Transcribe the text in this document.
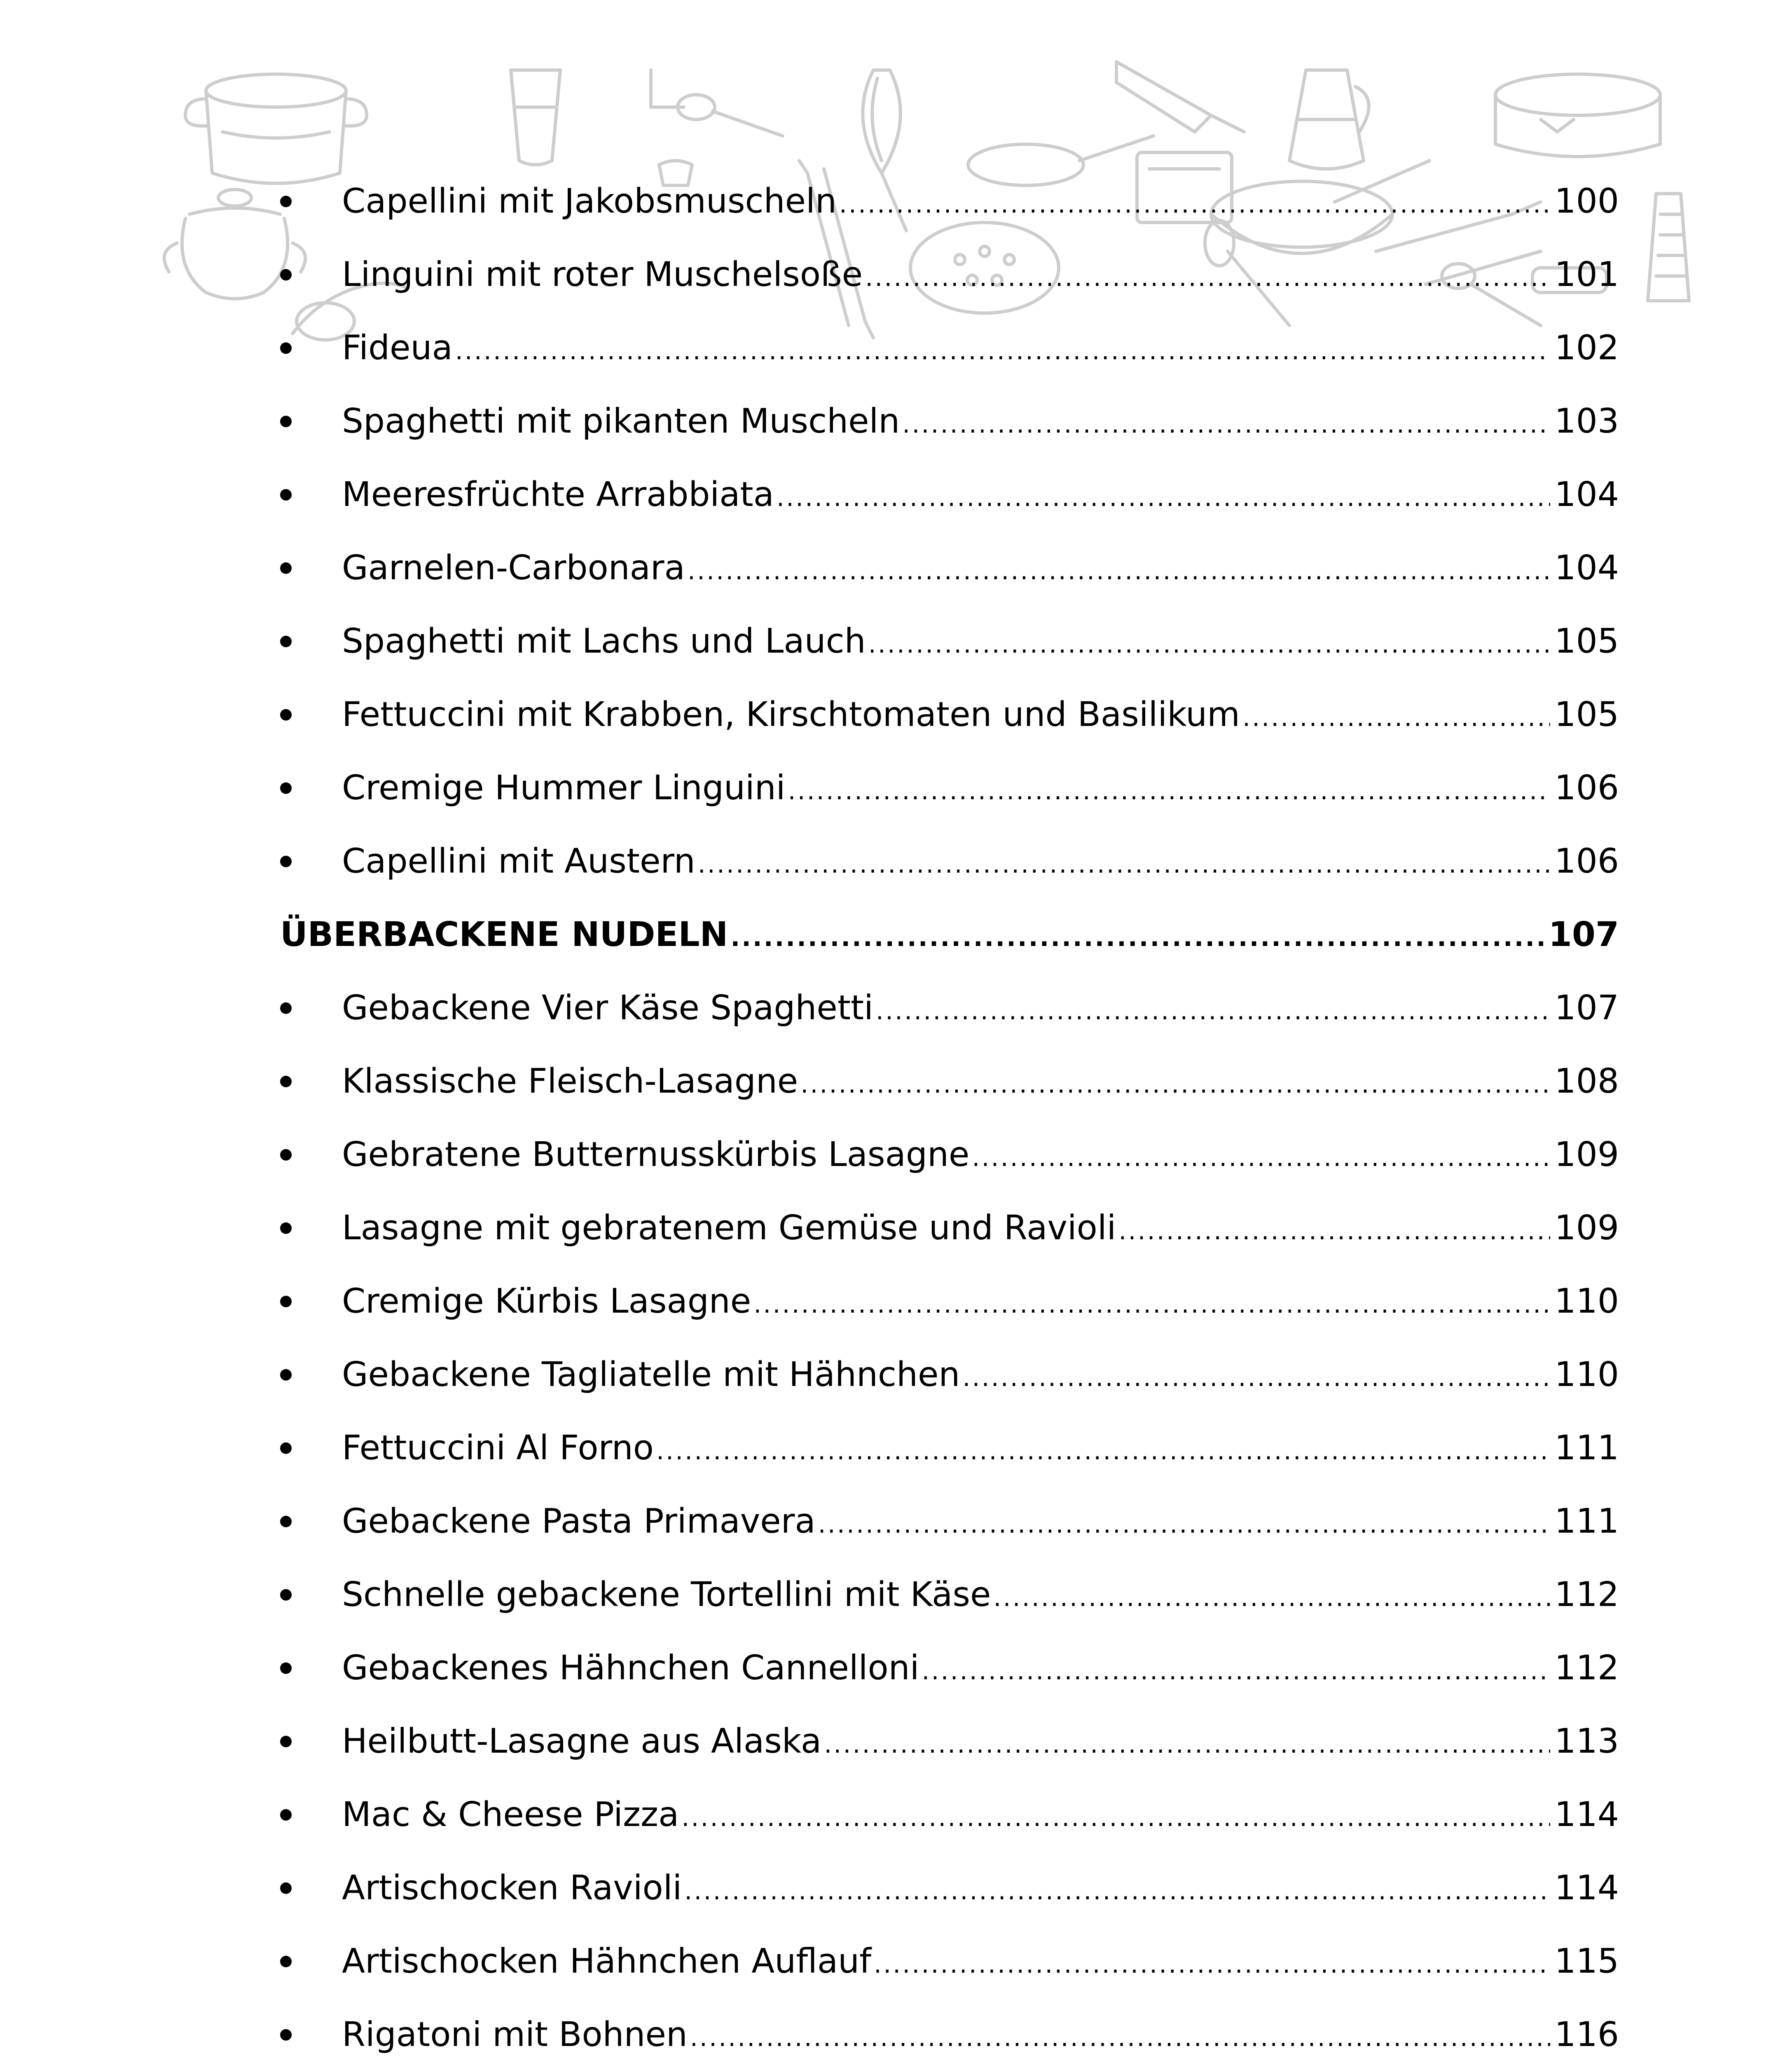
Capellini mit Jakobsmuscheln .....	100
Linguini mit roter Muschelsoße .....	101
Fideua .....	102
Spaghetti mit pikanten Muscheln .....	103
Meeresfrüchte Arrabbiata .....	104
Garnelen-Carbonara .....	104
Spaghetti mit Lachs und Lauch .....	105
Fettuccini mit Krabben, Kirschtomaten und Basilikum .....	105
Cremige Hummer Linguini .....	106
Capellini mit Austern .....	106
ÜBERBACKENE NUDELN .....	107
Gebackene Vier Käse Spaghetti .....	107
Klassische Fleisch-Lasagne .....	108
Gebratene Butternusskürbis Lasagne .....	109
Lasagne mit gebratenem Gemüse und Ravioli .....	109
Cremige Kürbis Lasagne .....	110
Gebackene Tagliatelle mit Hähnchen .....	110
Fettuccini Al Forno .....	111
Gebackene Pasta Primavera .....	111
Schnelle gebackene Tortellini mit Käse .....	112
Gebackenes Hähnchen Cannelloni .....	112
Heilbutt-Lasagne aus Alaska .....	113
Mac & Cheese Pizza .....	114
Artischocken Ravioli .....	114
Artischocken Hähnchen Auflauf .....	115
Rigatoni mit Bohnen .....	116
